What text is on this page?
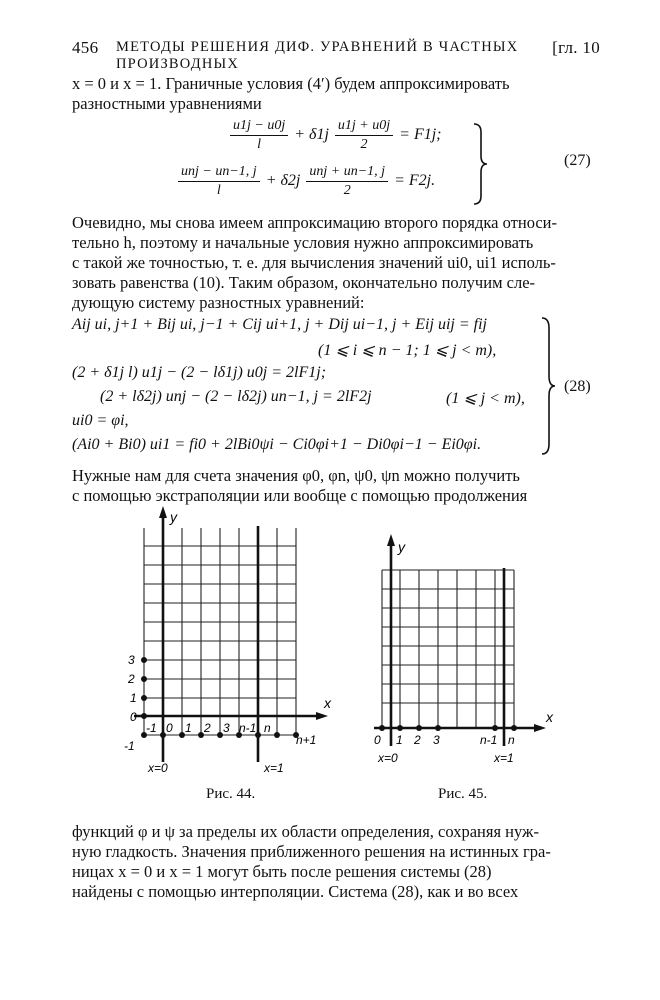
456 МЕТОДЫ РЕШЕНИЯ ДИФ. УРАВНЕНИЙ В ЧАСТНЫХ ПРОИЗВОДНЫХ
[гл. 10
x = 0 и x = 1. Граничные условия (4′) будем аппроксимировать
разностными уравнениями
$\frac{u1j - u0j}{l} + \delta 1j \frac{u1j + u0j}{2} = F1j$;
$\frac{\text{unj − un−1, j}}{l} + \delta 2j \frac{\text{unj + un−1, j}}{2} = F2j$.
(27)
Очевидно, мы снова имеем аппроксимацию второго порядка относи-
тельно h, поэтому и начальные условия нужно аппроксимировать
с такой же точностью, т. е. для вычисления значений ui0, ui1 исполь-
зовать равенства (10). Таким образом, окончательно получим сле-
дующую систему разностных уравнений:
Aij ui, j+1 + Bij ui, j−1 + Cij ui+1, j + Dij ui−1, j + Eij uij = fij
(1 ⩽ i ⩽ n − 1; 1 ⩽ j < m),
(2 + δ1j l) u1j − (2 − lδ1j) u0j = 2lF1j;
(2 + lδ2j) unj − (2 − lδ2j) un−1, j = 2lF2j	(1 ⩽ j < m),
ui0 = φi,
(Ai0 + Bi0) ui1 = fi0 + 2lBi0ψi − Ci0φi+1 − Di0φi−1 − Ei0φi.
(28)
Нужные нам для счета значения φ0, φn, ψ0, ψn можно получить
с помощью экстраполяции или вообще с помощью продолжения
y
x
3
2
1
0
-1
-1 0 1 2 3 n-1 n
n+1
x=0	x=1
Рис. 44.
y
x
0 1 2 3	n-1 n
x=0	x=1
Рис. 45.
функций φ и ψ за пределы их области определения, сохраняя нуж-
ную гладкость. Значения приближенного решения на истинных гра-
ницах x = 0 и x = 1 могут быть после решения системы (28)
найдены с помощью интерполяции. Система (28), как и во всех
